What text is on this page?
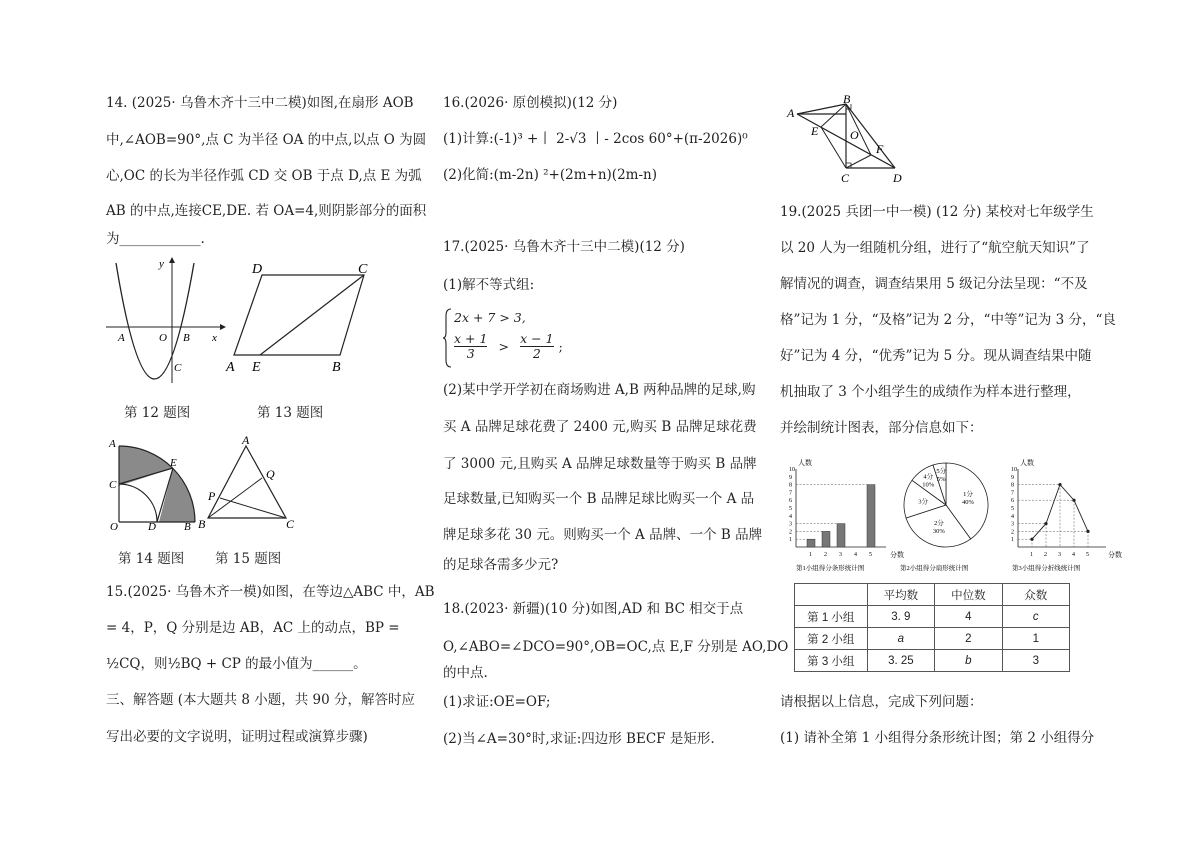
14. (2025· 乌鲁木齐十三中二模)如图,在扇形 AOB
中,∠AOB=90°,点 C 为半径 OA 的中点,以点 O 为圆
心,OC 的长为半径作弧 CD 交 OB 于点 D,点 E 为弧
AB 的中点,连接CE,DE. 若 OA=4,则阴影部分的面积
为____________.
y
x
A	O B
C
D	C
A E	B
第 12 题图	第 13 题图
A
E
C
O	D	B
A
Q
P
B	C
第 14 题图 第 15 题图
15.(2025· 乌鲁木齐一模)如图，在等边△ABC 中，AB
= 4，P，Q 分别是边 AB，AC 上的动点，BP =
½CQ，则½BQ + CP 的最小值为______。
三、解答题 (本大题共 8 小题，共 90 分，解答时应
写出必要的文字说明，证明过程或演算步骤)
16.(2026· 原创模拟)(12 分)
(1)计算:(-1)³ +丨 2-√3 丨- 2cos 60°+(π-2026)⁰
(2)化简:(m-2n) ²+(2m+n)(2m-n)
17.(2025· 乌鲁木齐十三中二模)(12 分)
(1)解不等式组:
2x + 7 > 3,
$\frac{x + 1}{3} > \frac{x - 1}{2}$ ;
(2)某中学开学初在商场购进 A,B 两种品牌的足球,购
买 A 品牌足球花费了 2400 元,购买 B 品牌足球花费
了 3000 元,且购买 A 品牌足球数量等于购买 B 品牌
足球数量,已知购买一个 B 品牌足球比购买一个 A 品
牌足球多花 30 元。则购买一个 A 品牌、一个 B 品牌
的足球各需多少元?
18.(2023· 新疆)(10 分)如图,AD 和 BC 相交于点
O,∠ABO=∠DCO=90°,OB=OC,点 E,F 分别是 AO,DO
的中点.
(1)求证:OE=OF;
(2)当∠A=30°时,求证:四边形 BECF 是矩形.
A
B
E	O
F
C	D
19.(2025 兵团一中一模) (12 分) 某校对七年级学生
以 20 人为一组随机分组，进行了“航空航天知识”了
解情况的调查，调查结果用 5 级记分法呈现：“不及
格”记为 1 分，“及格”记为 2 分，“中等”记为 3 分，“良
好”记为 4 分，“优秀”记为 5 分。现从调查结果中随
机抽取了 3 个小组学生的成绩作为样本进行整理，
并绘制统计图表，部分信息如下：
1
2
3
4
5
6
7
8
9
10
1 2 3 4 5
人数
分数
第1小组得分条形统计图
1分
40%
2分
30%
3分
4分
10%
5分
5%
第2小组得分扇形统计图
1
2
3
4
5
6
7
8
9
10
1 2 3 4 5
人数
分数
第3小组得分折线统计图
	平均数	中位数	众数
第 1 小组	3. 9	4	c
第 2 小组	a	2	1
第 3 小组	3. 25	b	3
请根据以上信息，完成下列问题：
(1) 请补全第 1 小组得分条形统计图；第 2 小组得分
